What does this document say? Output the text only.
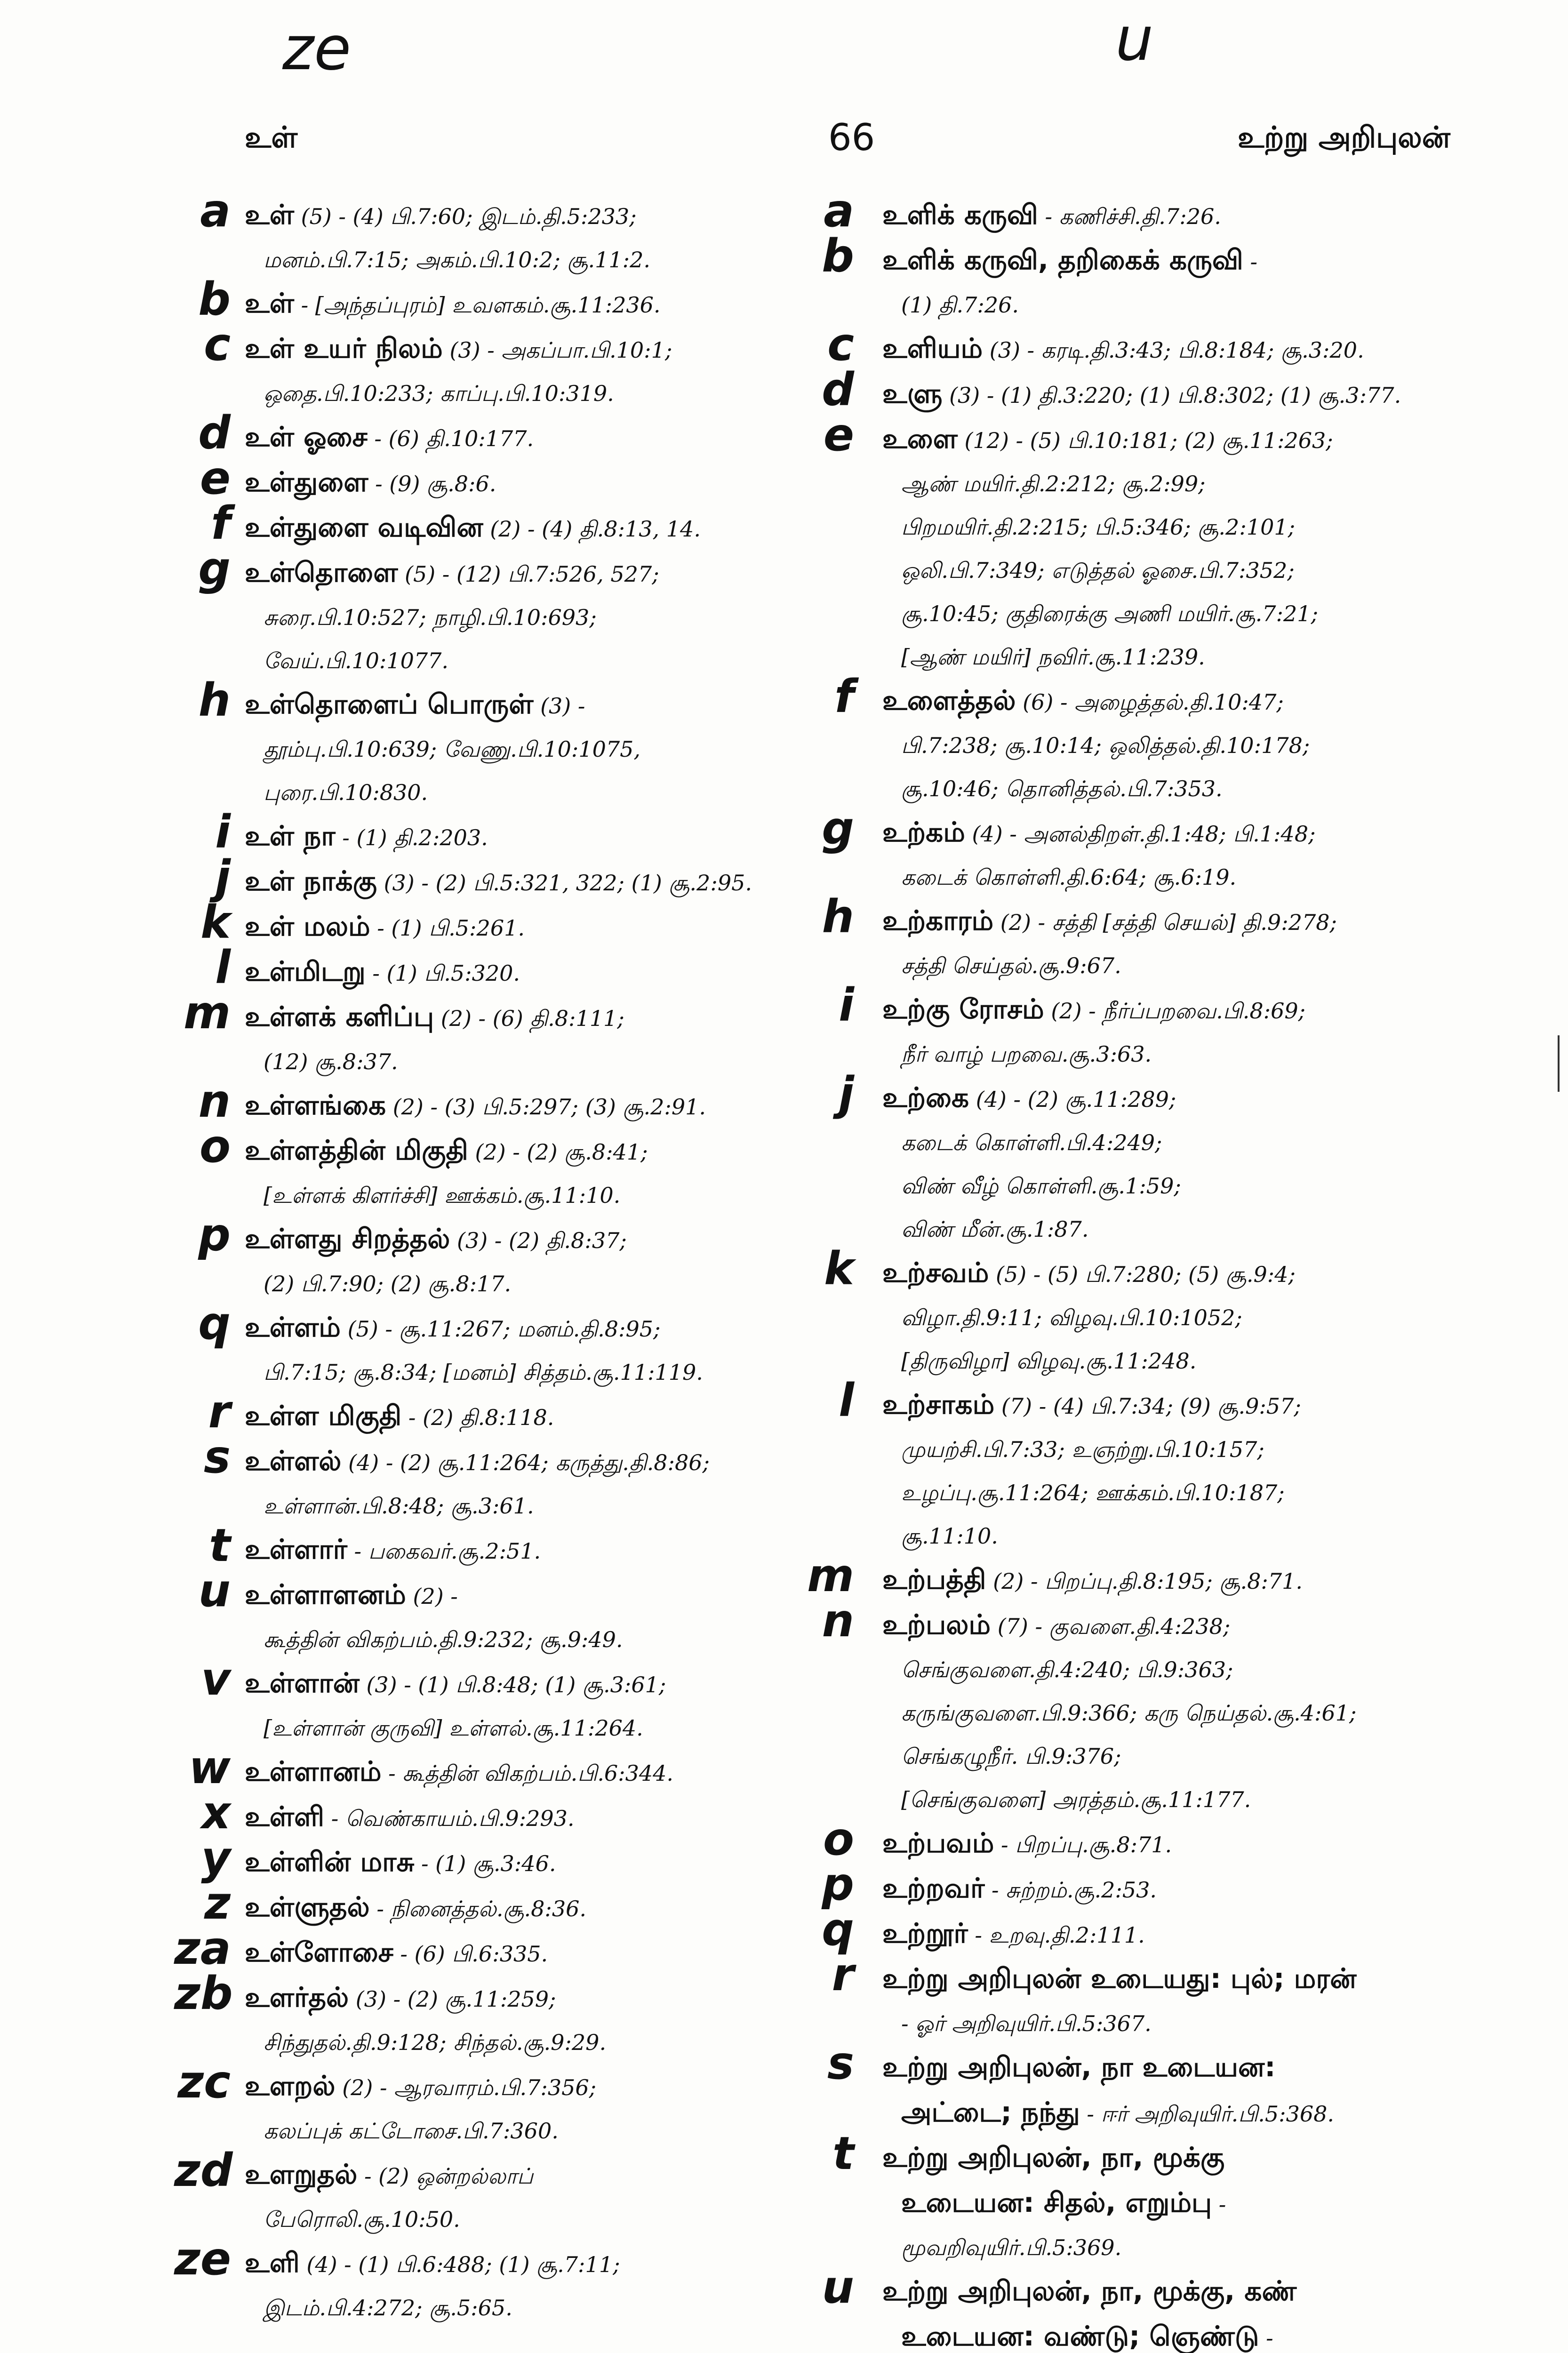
ze	u
உள்	66	உற்று அறிபுலன்
a உள் (5) - (4) பி.7:60; இடம்.தி.5:233;
மனம்.பி.7:15; அகம்.பி.10:2; சூ.11:2.
b உள் - [அந்தப்புரம்] உவளகம்.சூ.11:236.
c உள் உயர் நிலம் (3) - அகப்பா.பி.10:1;
ஒதை.பி.10:233; காப்பு.பி.10:319.
d உள் ஓசை - (6) தி.10:177.
e உள்துளை - (9) சூ.8:6.
f உள்துளை வடிவின (2) - (4) தி.8:13, 14.
g உள்தொளை (5) - (12) பி.7:526, 527;
சுரை.பி.10:527; நாழி.பி.10:693;
வேய்.பி.10:1077.
h உள்தொளைப் பொருள் (3) -
தூம்பு.பி.10:639; வேணு.பி.10:1075,
புரை.பி.10:830.
i உள் நா - (1) தி.2:203.
j உள் நாக்கு (3) - (2) பி.5:321, 322; (1) சூ.2:95.
k உள் மலம் - (1) பி.5:261.
l உள்மிடறு - (1) பி.5:320.
m உள்ளக் களிப்பு (2) - (6) தி.8:111;
(12) சூ.8:37.
n உள்ளங்கை (2) - (3) பி.5:297; (3) சூ.2:91.
o உள்ளத்தின் மிகுதி (2) - (2) சூ.8:41;
[உள்ளக் கிளர்ச்சி] ஊக்கம்.சூ.11:10.
p உள்ளது சிறத்தல் (3) - (2) தி.8:37;
(2) பி.7:90; (2) சூ.8:17.
q உள்ளம் (5) - சூ.11:267; மனம்.தி.8:95;
பி.7:15; சூ.8:34; [மனம்] சித்தம்.சூ.11:119.
r உள்ள மிகுதி - (2) தி.8:118.
s உள்ளல் (4) - (2) சூ.11:264; கருத்து.தி.8:86;
உள்ளான்.பி.8:48; சூ.3:61.
t உள்ளார் - பகைவர்.சூ.2:51.
u உள்ளாளனம் (2) -
கூத்தின் விகற்பம்.தி.9:232; சூ.9:49.
v உள்ளான் (3) - (1) பி.8:48; (1) சூ.3:61;
[உள்ளான் குருவி] உள்ளல்.சூ.11:264.
w உள்ளானம் - கூத்தின் விகற்பம்.பி.6:344.
x உள்ளி - வெண்காயம்.பி.9:293.
y உள்ளின் மாசு - (1) சூ.3:46.
z உள்ளுதல் - நினைத்தல்.சூ.8:36.
za உள்ளோசை - (6) பி.6:335.
zb உளர்தல் (3) - (2) சூ.11:259;
சிந்துதல்.தி.9:128; சிந்தல்.சூ.9:29.
zc உளறல் (2) - ஆரவாரம்.பி.7:356;
கலப்புக் கட்டோசை.பி.7:360.
zd உளறுதல் - (2) ஒன்றல்லாப்
பேரொலி.சூ.10:50.
ze உளி (4) - (1) பி.6:488; (1) சூ.7:11;
இடம்.பி.4:272; சூ.5:65.
a உளிக் கருவி - கணிச்சி.தி.7:26.
b உளிக் கருவி, தறிகைக் கருவி -
(1) தி.7:26.
c உளியம் (3) - கரடி.தி.3:43; பி.8:184; சூ.3:20.
d உளு (3) - (1) தி.3:220; (1) பி.8:302; (1) சூ.3:77.
e உளை (12) - (5) பி.10:181; (2) சூ.11:263;
ஆண் மயிர்.தி.2:212; சூ.2:99;
பிறமயிர்.தி.2:215; பி.5:346; சூ.2:101;
ஒலி.பி.7:349; எடுத்தல் ஓசை.பி.7:352;
சூ.10:45; குதிரைக்கு அணி மயிர்.சூ.7:21;
[ஆண் மயிர்] நவிர்.சூ.11:239.
f உளைத்தல் (6) - அழைத்தல்.தி.10:47;
பி.7:238; சூ.10:14; ஒலித்தல்.தி.10:178;
சூ.10:46; தொனித்தல்.பி.7:353.
g உற்கம் (4) - அனல்திறள்.தி.1:48; பி.1:48;
கடைக் கொள்ளி.தி.6:64; சூ.6:19.
h உற்காரம் (2) - சத்தி [சத்தி செயல்] தி.9:278;
சத்தி செய்தல்.சூ.9:67.
i உற்கு ரோசம் (2) - நீர்ப்பறவை.பி.8:69;
நீர் வாழ் பறவை.சூ.3:63.
j உற்கை (4) - (2) சூ.11:289;
கடைக் கொள்ளி.பி.4:249;
விண் வீழ் கொள்ளி.சூ.1:59;
விண் மீன்.சூ.1:87.
k உற்சவம் (5) - (5) பி.7:280; (5) சூ.9:4;
விழா.தி.9:11; விழவு.பி.10:1052;
[திருவிழா] விழவு.சூ.11:248.
l உற்சாகம் (7) - (4) பி.7:34; (9) சூ.9:57;
முயற்சி.பி.7:33; உஞற்று.பி.10:157;
உழப்பு.சூ.11:264; ஊக்கம்.பி.10:187;
சூ.11:10.
m உற்பத்தி (2) - பிறப்பு.தி.8:195; சூ.8:71.
n உற்பலம் (7) - குவளை.தி.4:238;
செங்குவளை.தி.4:240; பி.9:363;
கருங்குவளை.பி.9:366; கரு நெய்தல்.சூ.4:61;
செங்கழுநீர். பி.9:376;
[செங்குவளை] அரத்தம்.சூ.11:177.
o உற்பவம் - பிறப்பு.சூ.8:71.
p உற்றவர் - சுற்றம்.சூ.2:53.
q உற்றூர் - உறவு.தி.2:111.
r உற்று அறிபுலன் உடையது: புல்; மரன்
- ஓர் அறிவுயிர்.பி.5:367.
s உற்று அறிபுலன், நா உடையன:
அட்டை; நந்து - ஈர் அறிவுயிர்.பி.5:368.
t உற்று அறிபுலன், நா, மூக்கு
உடையன: சிதல், எறும்பு -
மூவறிவுயிர்.பி.5:369.
u உற்று அறிபுலன், நா, மூக்கு, கண்
உடையன: வண்டு; ஞெண்டு -
